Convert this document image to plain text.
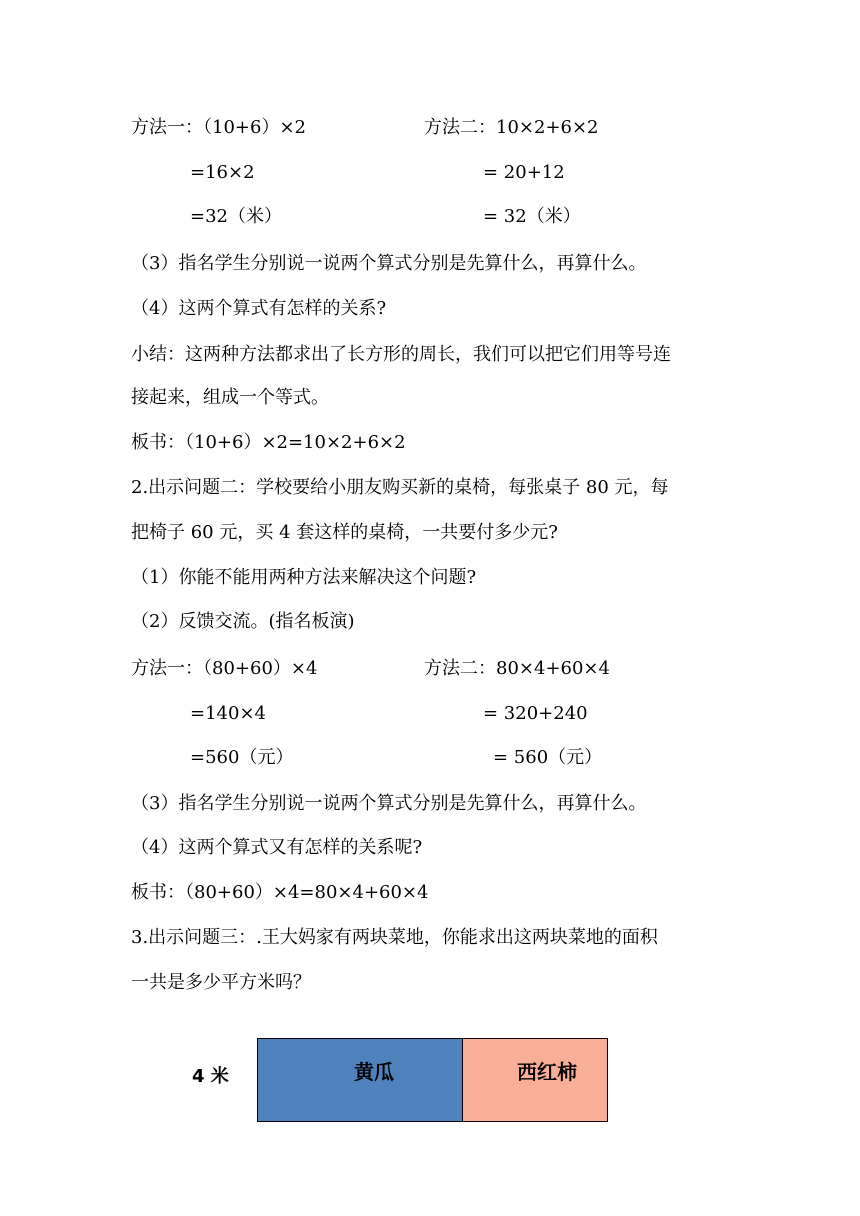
方法一：（10+6）×2	方法二：10×2+6×2
=16×2	= 20+12
=32（米）	= 32（米）
（3）指名学生分别说一说两个算式分别是先算什么，再算什么。
（4）这两个算式有怎样的关系?
小结：这两种方法都求出了长方形的周长，我们可以把它们用等号连
接起来，组成一个等式。
板书：（10+6）×2=10×2+6×2
2.出示问题二：学校要给小朋友购买新的桌椅，每张桌子 80 元，每
把椅子 60 元，买 4 套这样的桌椅，一共要付多少元?
（1）你能不能用两种方法来解决这个问题?
（2）反馈交流。(指名板演)
方法一：（80+60）×4	方法二：80×4+60×4
=140×4	= 320+240
=560（元）	= 560（元）
（3）指名学生分别说一说两个算式分别是先算什么，再算什么。
（4）这两个算式又有怎样的关系呢?
板书：（80+60）×4=80×4+60×4
3.出示问题三：.王大妈家有两块菜地，你能求出这两块菜地的面积
一共是多少平方米吗？
4 米	黄瓜	西红柿
